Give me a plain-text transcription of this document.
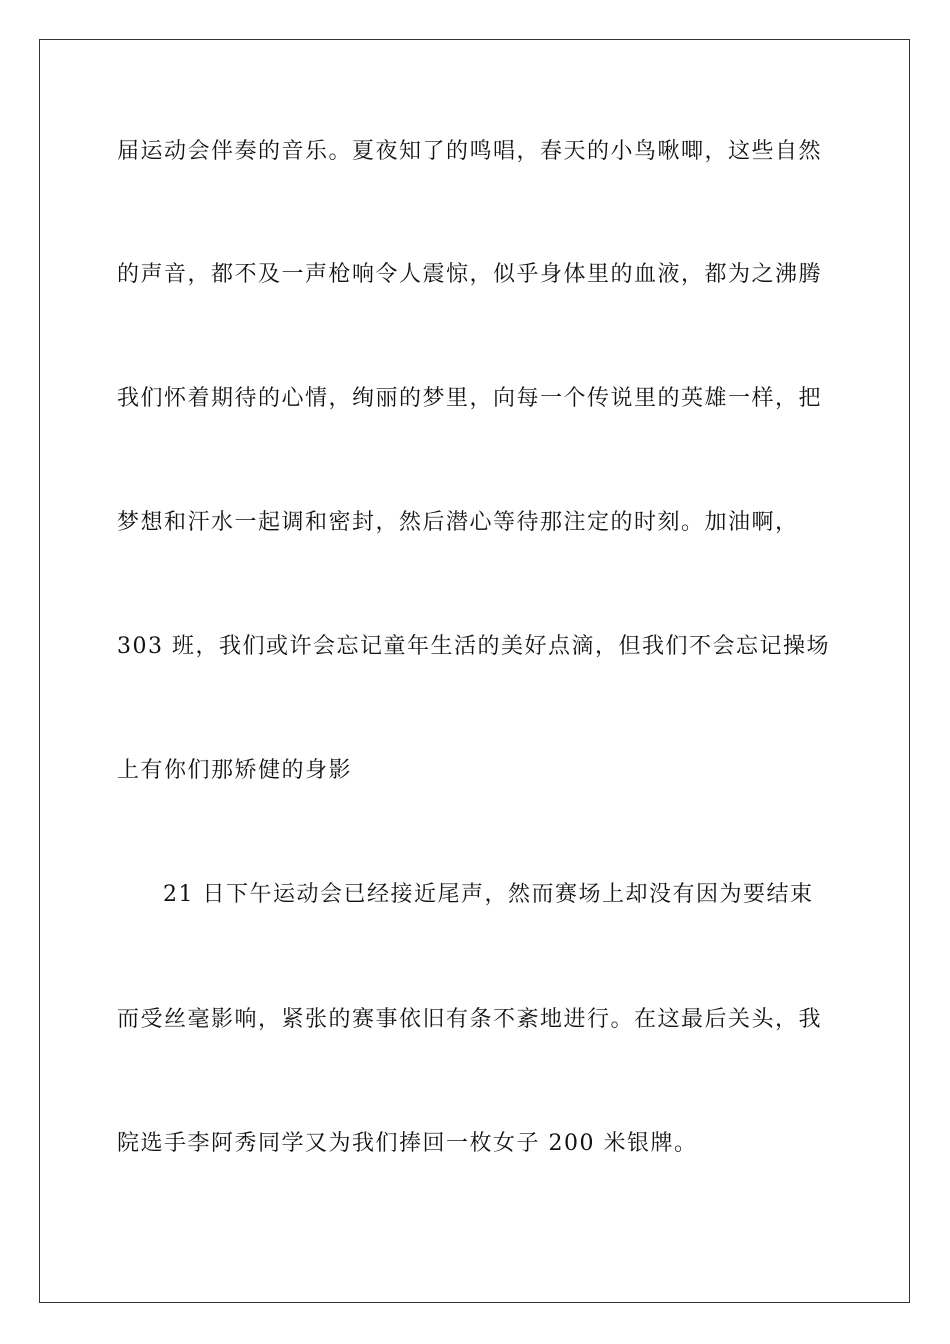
届运动会伴奏的音乐。夏夜知了的鸣唱，春天的小鸟啾唧，这些自然
的声音，都不及一声枪响令人震惊，似乎身体里的血液，都为之沸腾
我们怀着期待的心情，绚丽的梦里，向每一个传说里的英雄一样，把
梦想和汗水一起调和密封，然后潜心等待那注定的时刻。加油啊，
303 班，我们或许会忘记童年生活的美好点滴，但我们不会忘记操场
上有你们那矫健的身影
21 日下午运动会已经接近尾声，然而赛场上却没有因为要结束
而受丝毫影响，紧张的赛事依旧有条不紊地进行。在这最后关头，我
院选手李阿秀同学又为我们捧回一枚女子 200 米银牌。
